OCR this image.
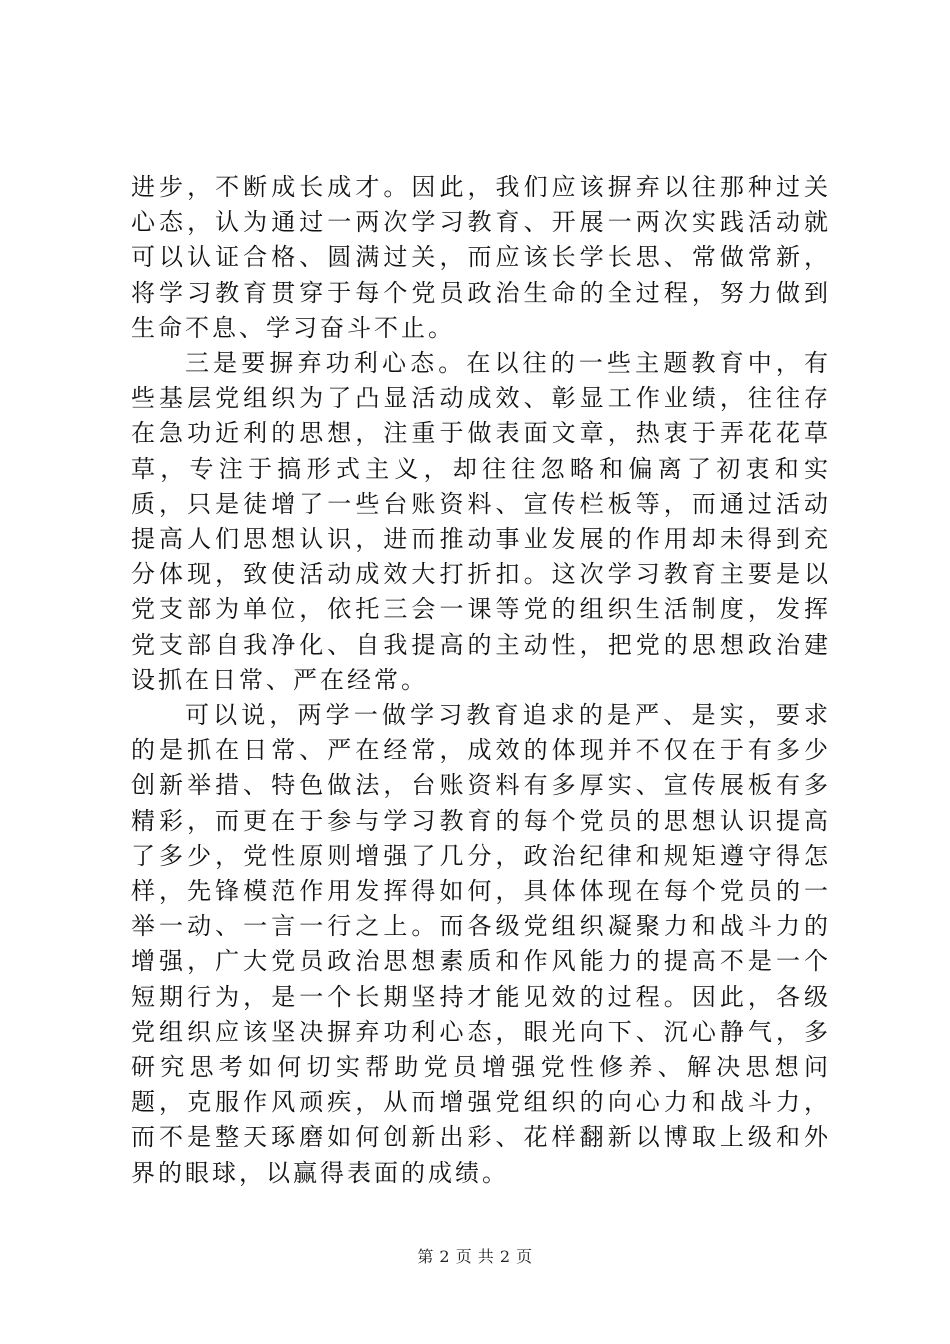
进步，不断成长成才。因此，我们应该摒弃以往那种过关心态，认为通过一两次学习教育、开展一两次实践活动就可以认证合格、圆满过关，而应该长学长思、常做常新，将学习教育贯穿于每个党员政治生命的全过程，努力做到生命不息、学习奋斗不止。

三是要摒弃功利心态。在以往的一些主题教育中，有些基层党组织为了凸显活动成效、彰显工作业绩，往往存在急功近利的思想，注重于做表面文章，热衷于弄花花草草，专注于搞形式主义，却往往忽略和偏离了初衷和实质，只是徒增了一些台账资料、宣传栏板等，而通过活动提高人们思想认识，进而推动事业发展的作用却未得到充分体现，致使活动成效大打折扣。这次学习教育主要是以党支部为单位，依托三会一课等党的组织生活制度，发挥党支部自我净化、自我提高的主动性，把党的思想政治建设抓在日常、严在经常。

可以说，两学一做学习教育追求的是严、是实，要求的是抓在日常、严在经常，成效的体现并不仅在于有多少创新举措、特色做法，台账资料有多厚实、宣传展板有多精彩，而更在于参与学习教育的每个党员的思想认识提高了多少，党性原则增强了几分，政治纪律和规矩遵守得怎样，先锋模范作用发挥得如何，具体体现在每个党员的一举一动、一言一行之上。而各级党组织凝聚力和战斗力的增强，广大党员政治思想素质和作风能力的提高不是一个短期行为，是一个长期坚持才能见效的过程。因此，各级党组织应该坚决摒弃功利心态，眼光向下、沉心静气，多研究思考如何切实帮助党员增强党性修养、解决思想问题，克服作风顽疾，从而增强党组织的向心力和战斗力，而不是整天琢磨如何创新出彩、花样翻新以博取上级和外界的眼球，以赢得表面的成绩。

第 2 页 共 2 页
